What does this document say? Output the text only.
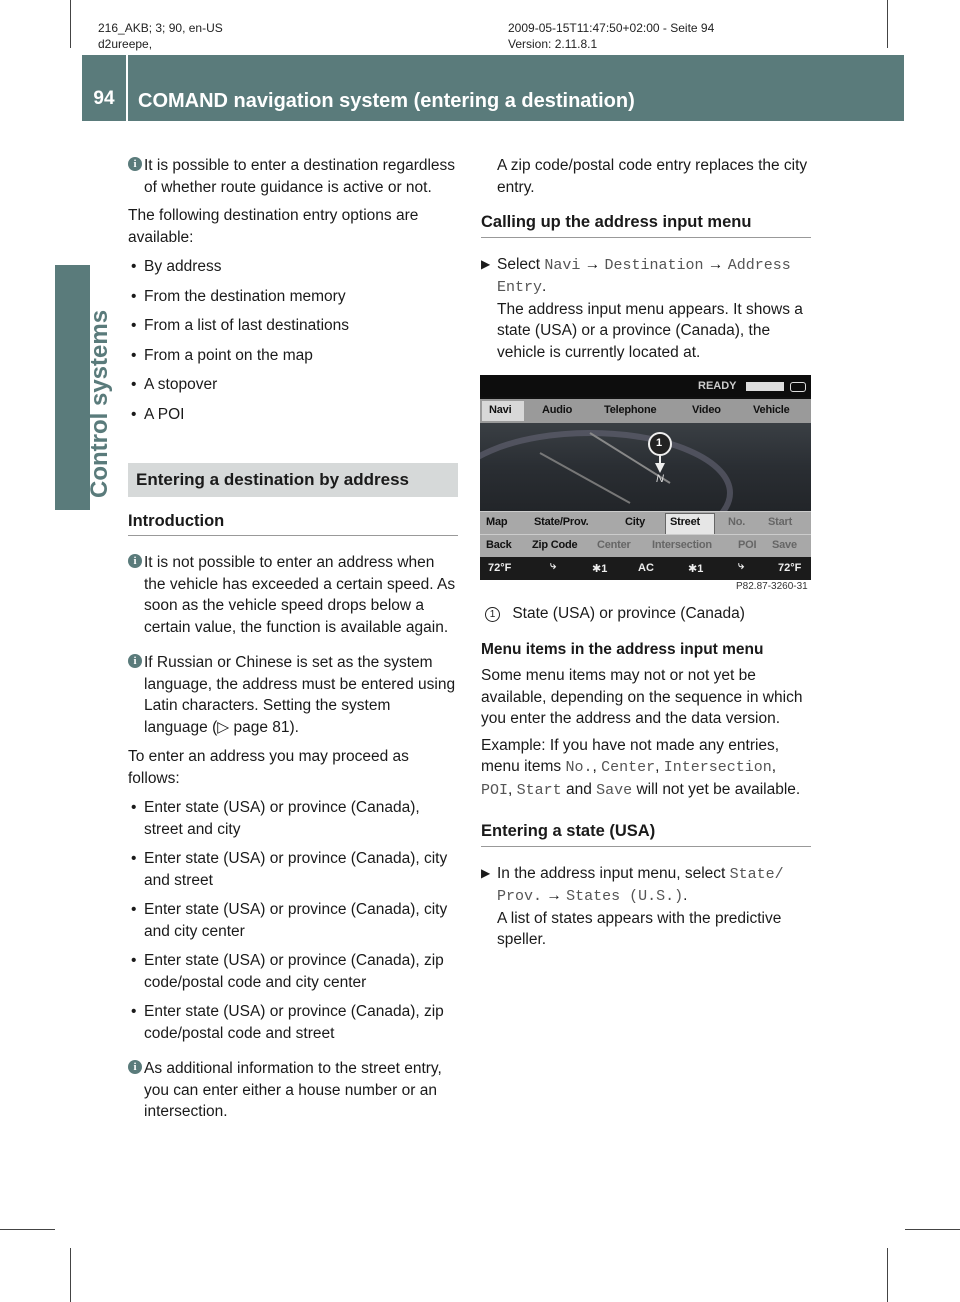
216_AKB; 3; 90, en-US
d2ureepe,
2009-05-15T11:47:50+02:00 - Seite 94
Version: 2.11.8.1
94	COMAND navigation system (entering a destination)
Control systems

i It is possible to enter a destination regardless of whether route guidance is active or not.

The following destination entry options are available:

• By address

• From the destination memory

• From a list of last destinations

• From a point on the map

• A stopover

• A POI

Entering a destination by address
Introduction

i It is not possible to enter an address when the vehicle has exceeded a certain speed. As soon as the vehicle speed drops below a certain value, the function is available again.

i If Russian or Chinese is set as the system language, the address must be entered using Latin characters. Setting the system language (▷ page 81).

To enter an address you may proceed as follows:

• Enter state (USA) or province (Canada), street and city

• Enter state (USA) or province (Canada), city and street

• Enter state (USA) or province (Canada), city and city center

• Enter state (USA) or province (Canada), zip code/postal code and city center

• Enter state (USA) or province (Canada), zip code/postal code and street

i As additional information to the street entry, you can enter either a house number or an intersection.

A zip code/postal code entry replaces the city entry.

Calling up the address input menu

▶ Select Navi → Destination → Address Entry.
The address input menu appears. It shows a state (USA) or a province (Canada), the vehicle is currently located at.

READY
Navi	Audio	Telephone	Video	Vehicle
1
N
Map State/Prov.	City Street	No. Start
Back Zip Code Center Intersection POI Save
72°F	⤷	✱1	AC	✱1	⤷	72°F
P82.87-3260-31

1 State (USA) or province (Canada)

Menu items in the address input menu

Some menu items may not or not yet be available, depending on the sequence in which you enter the address and the data version.

Example: If you have not made any entries, menu items No., Center, Intersection, POI, Start and Save will not yet be available.

Entering a state (USA)

▶ In the address input menu, select State/ Prov. → States (U.S.).
A list of states appears with the predictive speller.
